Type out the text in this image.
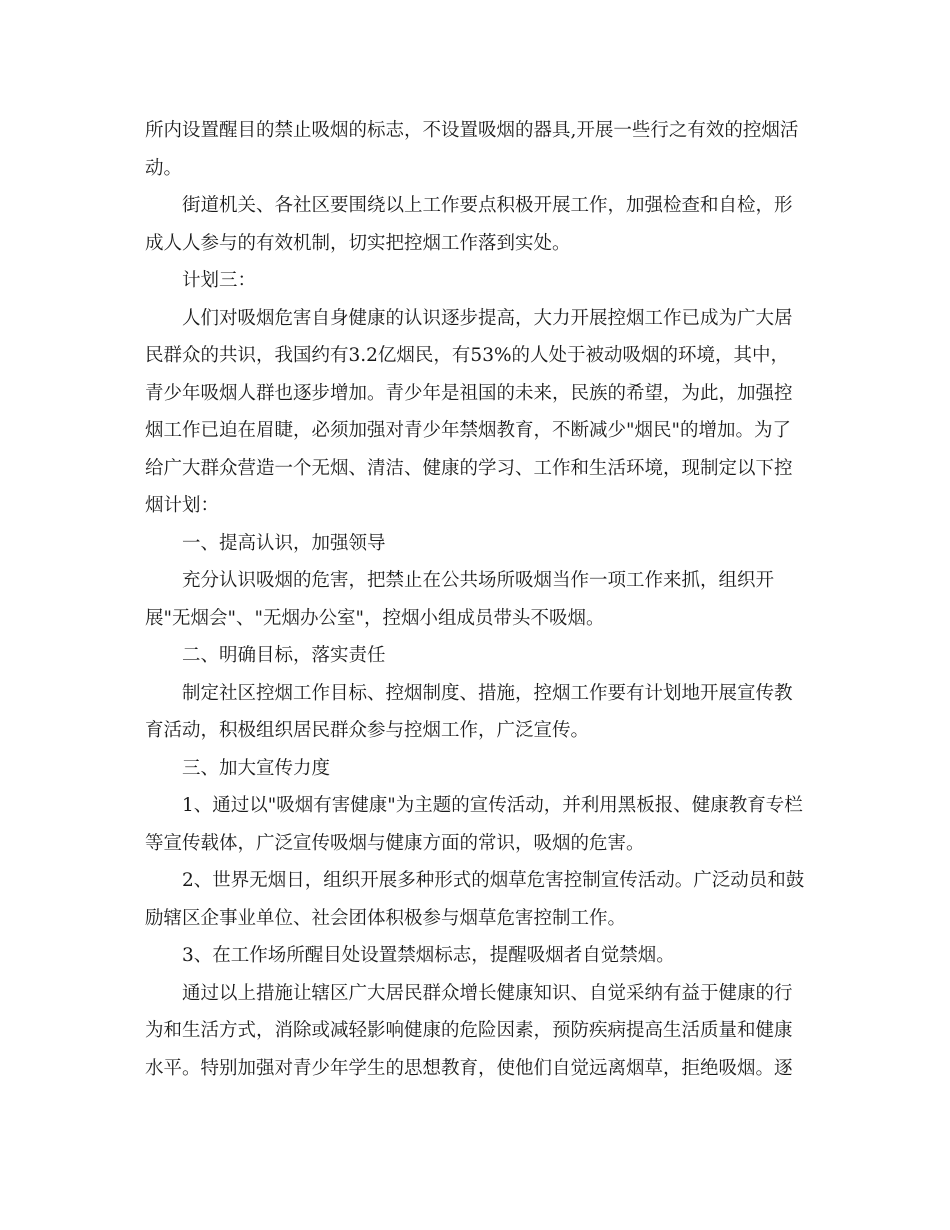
所内设置醒目的禁止吸烟的标志，不设置吸烟的器具,开展一些行之有效的控烟活
动。
街道机关、各社区要围绕以上工作要点积极开展工作，加强检查和自检，形
成人人参与的有效机制，切实把控烟工作落到实处。
计划三：
人们对吸烟危害自身健康的认识逐步提高，大力开展控烟工作已成为广大居
民群众的共识，我国约有3.2亿烟民，有53%的人处于被动吸烟的环境，其中，
青少年吸烟人群也逐步增加。青少年是祖国的未来，民族的希望，为此，加强控
烟工作已迫在眉睫，必须加强对青少年禁烟教育，不断减少"烟民"的增加。为了
给广大群众营造一个无烟、清洁、健康的学习、工作和生活环境，现制定以下控
烟计划：
一、提高认识，加强领导
充分认识吸烟的危害，把禁止在公共场所吸烟当作一项工作来抓，组织开
展"无烟会"、"无烟办公室"，控烟小组成员带头不吸烟。
二、明确目标，落实责任
制定社区控烟工作目标、控烟制度、措施，控烟工作要有计划地开展宣传教
育活动，积极组织居民群众参与控烟工作，广泛宣传。
三、加大宣传力度
1、通过以"吸烟有害健康"为主题的宣传活动，并利用黑板报、健康教育专栏
等宣传载体，广泛宣传吸烟与健康方面的常识，吸烟的危害。
2、世界无烟日，组织开展多种形式的烟草危害控制宣传活动。广泛动员和鼓
励辖区企事业单位、社会团体积极参与烟草危害控制工作。
3、在工作场所醒目处设置禁烟标志，提醒吸烟者自觉禁烟。
通过以上措施让辖区广大居民群众增长健康知识、自觉采纳有益于健康的行
为和生活方式，消除或减轻影响健康的危险因素，预防疾病提高生活质量和健康
水平。特别加强对青少年学生的思想教育，使他们自觉远离烟草，拒绝吸烟。逐
